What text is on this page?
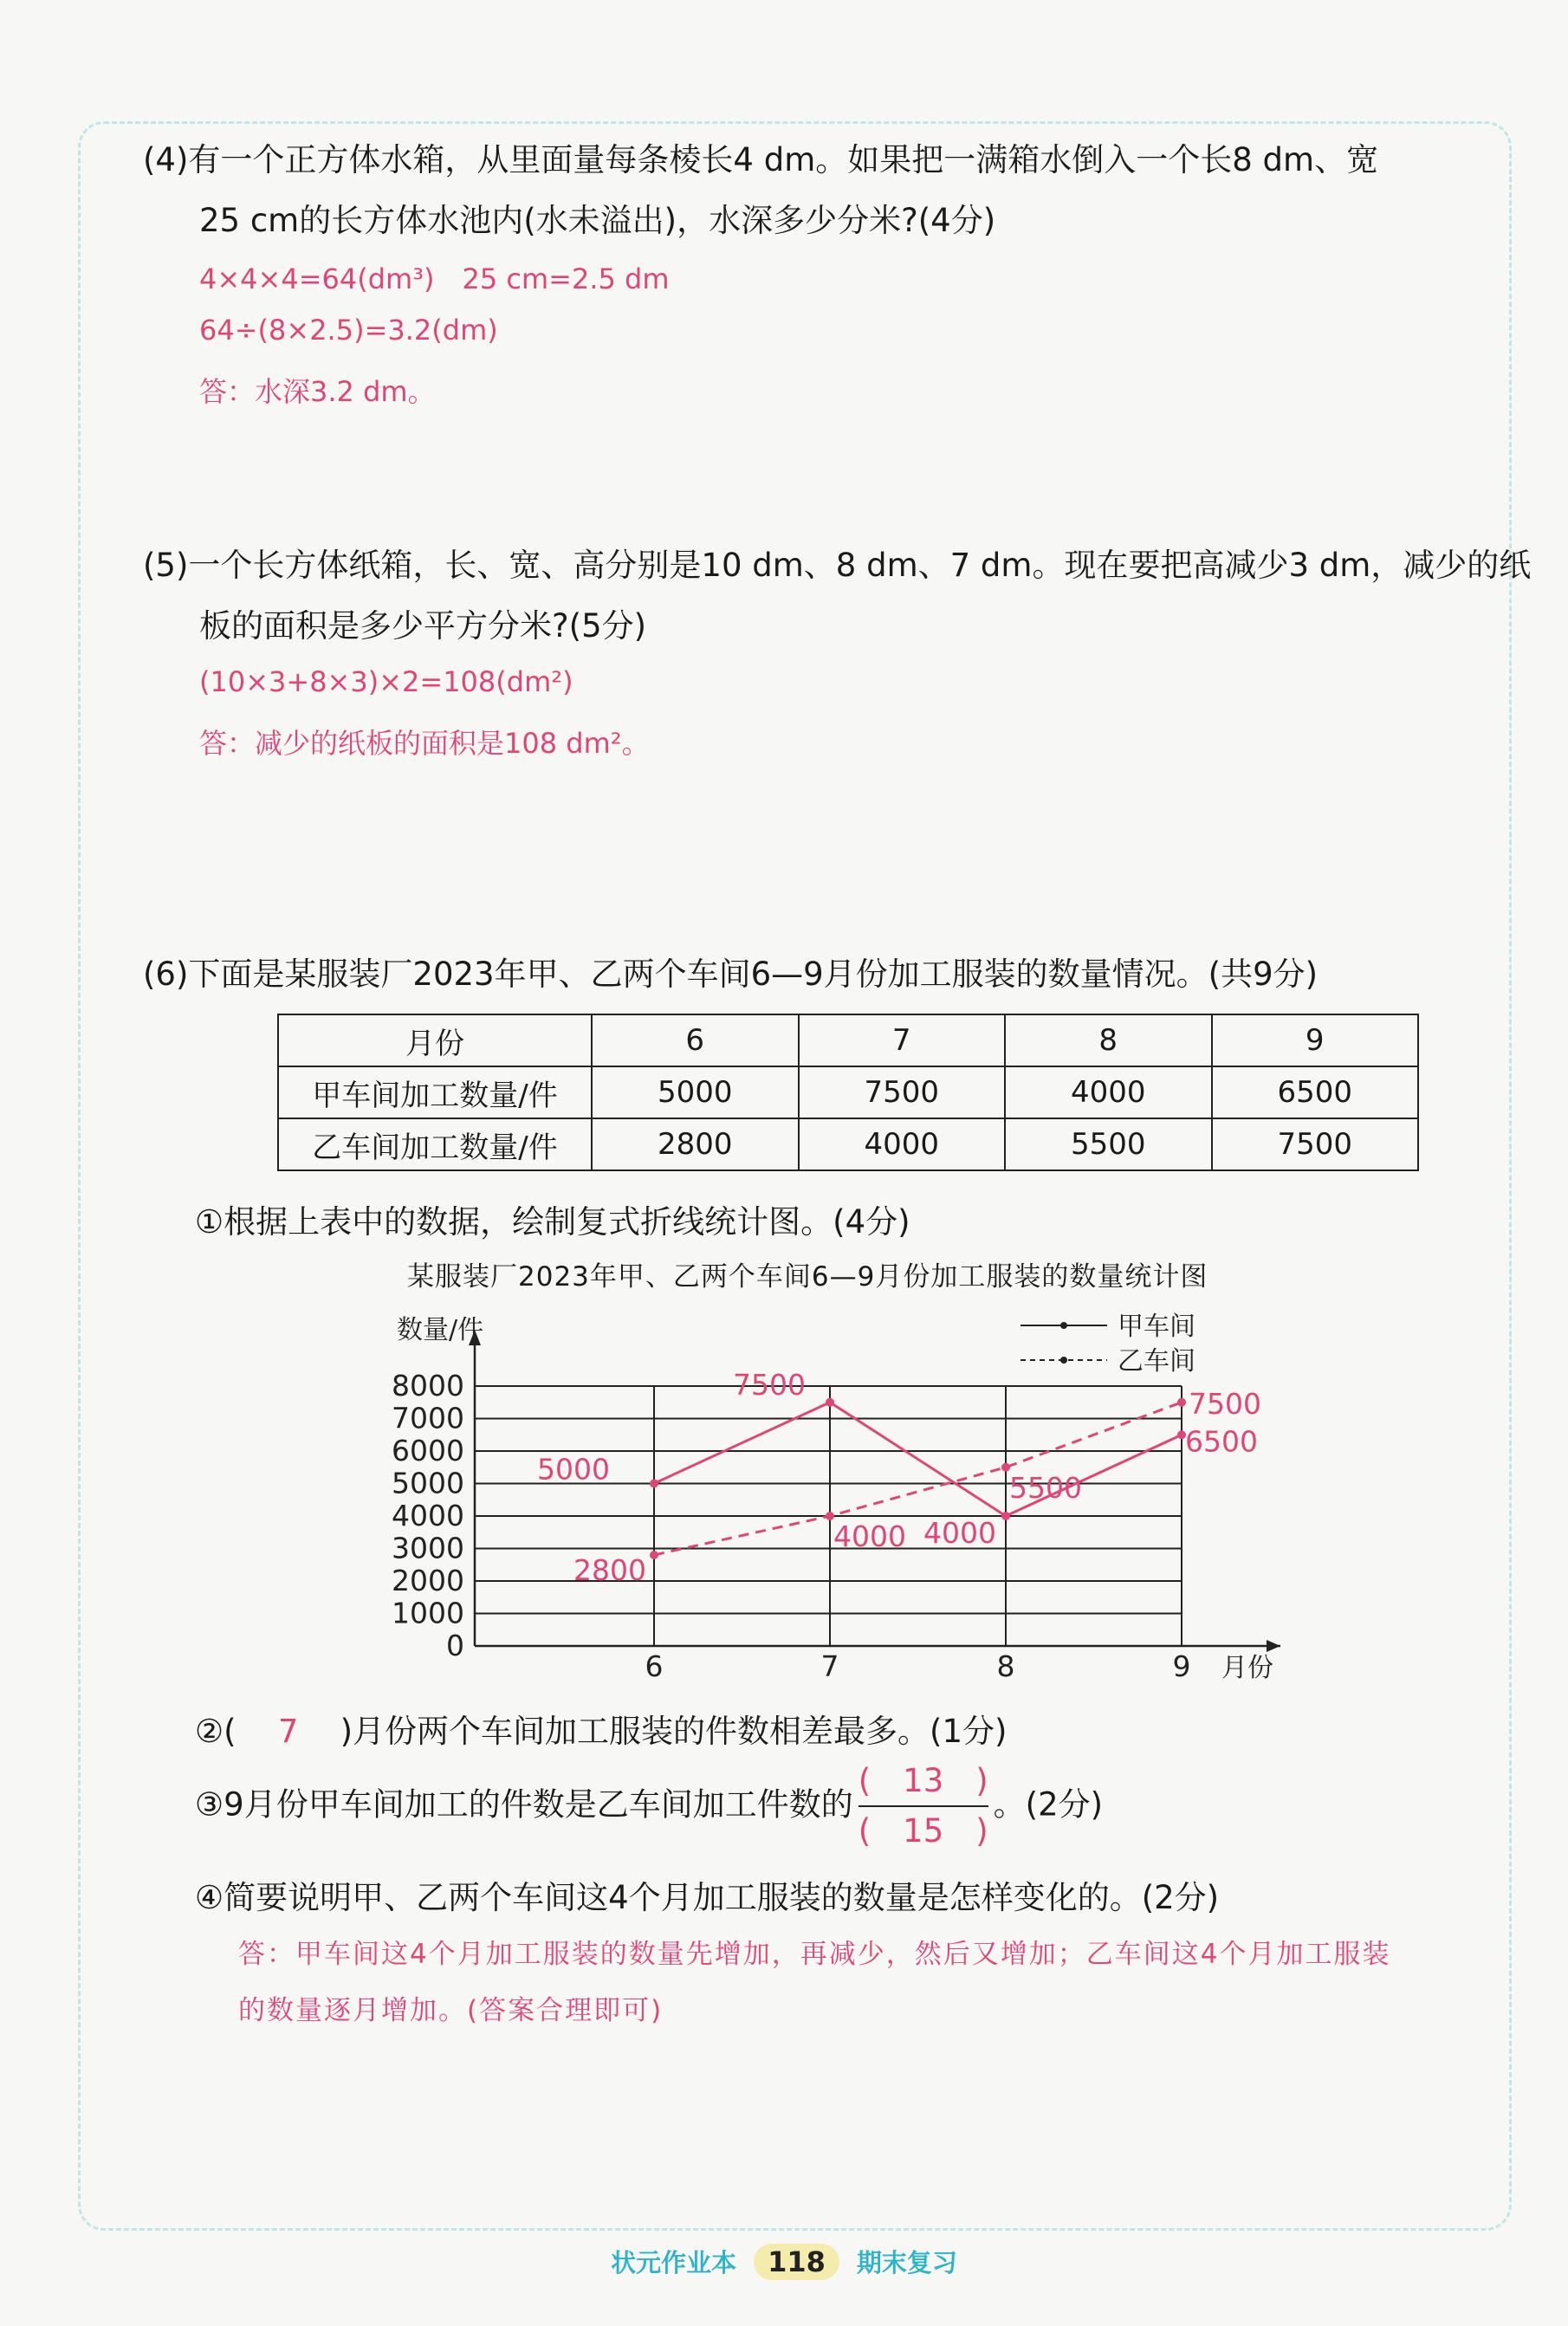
(4)有一个正方体水箱，从里面量每条棱长4 dm。如果把一满箱水倒入一个长8 dm、宽
25 cm的长方体水池内(水未溢出)，水深多少分米?(4分)
4×4×4=64(dm³)　25 cm=2.5 dm
64÷(8×2.5)=3.2(dm)
答：水深3.2 dm。
(5)一个长方体纸箱，长、宽、高分别是10 dm、8 dm、7 dm。现在要把高减少3 dm，减少的纸
板的面积是多少平方分米?(5分)
(10×3+8×3)×2=108(dm²)
答：减少的纸板的面积是108 dm²。
(6)下面是某服装厂2023年甲、乙两个车间6—9月份加工服装的数量情况。(共9分)
月份	6	7	8	9
甲车间加工数量/件	5000	7500	4000	6500
乙车间加工数量/件	2800	4000	5500	7500
①根据上表中的数据，绘制复式折线统计图。(4分)
某服装厂2023年甲、乙两个车间6—9月份加工服装的数量统计图
0
1000
2000
3000
4000
5000
6000
7000
8000
6	7	8	9 月份
数量/件	甲车间
乙车间
5000
7500
4000
6500
2800
4000
5500
7500
②( 7 )月份两个车间加工服装的件数相差最多。(1分)
③9月份甲车间加工的件数是乙车间加工件数的 $\frac{( 13 )}{( 15 )}$ 。(2分)
④简要说明甲、乙两个车间这4个月加工服装的数量是怎样变化的。(2分)
答：甲车间这4个月加工服装的数量先增加，再减少，然后又增加；乙车间这4个月加工服装
的数量逐月增加。(答案合理即可)
状元作业本 118 期末复习
